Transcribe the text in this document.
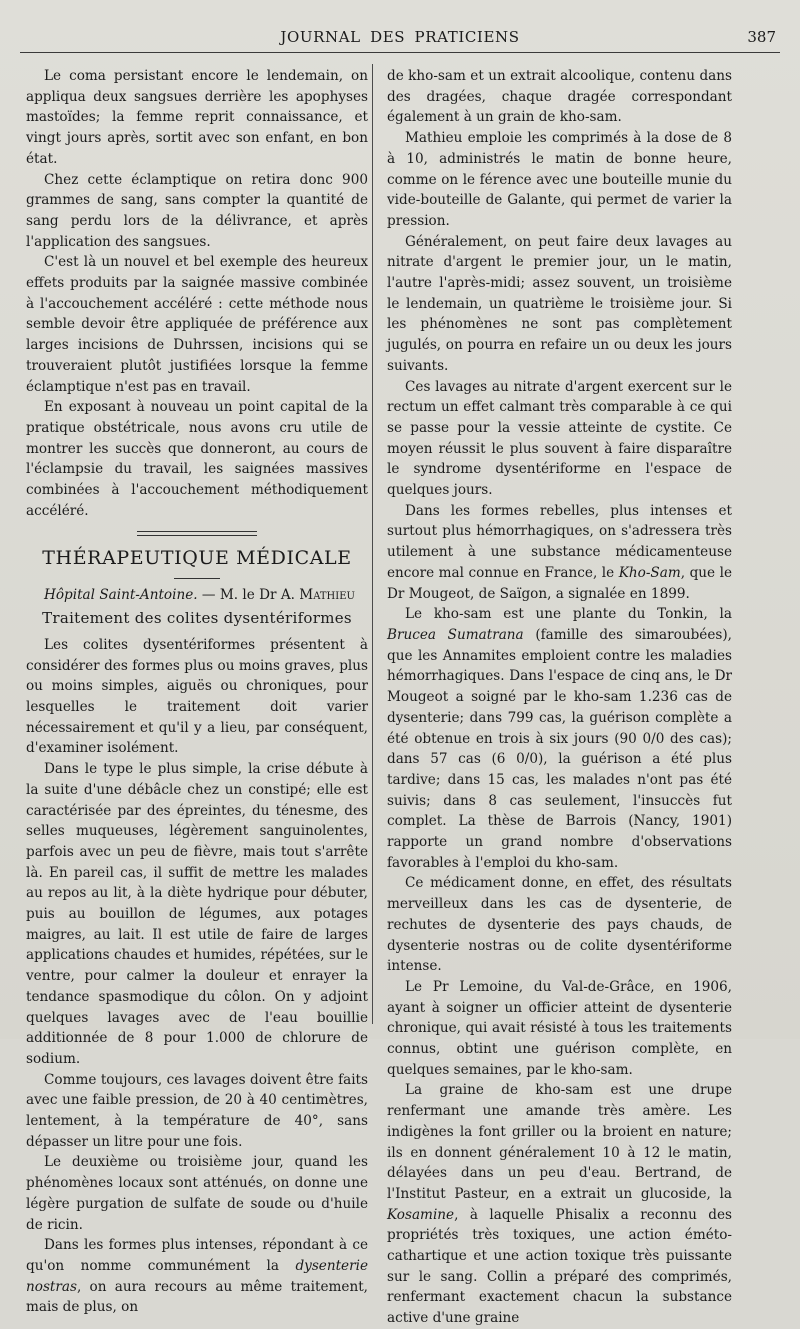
JOURNAL DES PRATICIENS	387

Le coma persistant encore le lendemain, on appliqua deux sangsues derrière les apophyses mastoïdes; la femme reprit connaissance, et vingt jours après, sortit avec son enfant, en bon état.

Chez cette éclamptique on retira donc 900 grammes de sang, sans compter la quantité de sang perdu lors de la délivrance, et après l'application des sangsues.

C'est là un nouvel et bel exemple des heureux effets produits par la saignée massive combinée à l'accouchement accéléré : cette méthode nous semble devoir être appliquée de préférence aux larges incisions de Duhrssen, incisions qui se trouveraient plutôt justifiées lorsque la femme éclamptique n'est pas en travail.

En exposant à nouveau un point capital de la pratique obstétricale, nous avons cru utile de montrer les succès que donneront, au cours de l'éclampsie du travail, les saignées massives combinées à l'accouchement méthodiquement accéléré.

THÉRAPEUTIQUE MÉDICALE

Hôpital Saint-Antoine. — M. le Dr A. Mathieu

Traitement des colites dysentériformes

Les colites dysentériformes présentent à considérer des formes plus ou moins graves, plus ou moins simples, aiguës ou chroniques, pour lesquelles le traitement doit varier nécessairement et qu'il y a lieu, par conséquent, d'examiner isolément.

Dans le type le plus simple, la crise débute à la suite d'une débâcle chez un constipé; elle est caractérisée par des épreintes, du ténesme, des selles muqueuses, légèrement sanguinolentes, parfois avec un peu de fièvre, mais tout s'arrête là. En pareil cas, il suffit de mettre les malades au repos au lit, à la diète hydrique pour débuter, puis au bouillon de légumes, aux potages maigres, au lait. Il est utile de faire de larges applications chaudes et humides, répétées, sur le ventre, pour calmer la douleur et enrayer la tendance spasmodique du côlon. On y adjoint quelques lavages avec de l'eau bouillie additionnée de 8 pour 1.000 de chlorure de sodium.

Comme toujours, ces lavages doivent être faits avec une faible pression, de 20 à 40 centimètres, lentement, à la température de 40°, sans dépasser un litre pour une fois.

Le deuxième ou troisième jour, quand les phénomènes locaux sont atténués, on donne une légère purgation de sulfate de soude ou d'huile de ricin.

Dans les formes plus intenses, répondant à ce qu'on nomme communément la dysenterie nostras, on aura recours au même traitement, mais de plus, on

de kho-sam et un extrait alcoolique, contenu dans des dragées, chaque dragée correspondant également à un grain de kho-sam.

Mathieu emploie les comprimés à la dose de 8 à 10, administrés le matin de bonne heure, comme on le férence avec une bouteille munie du vide-bouteille de Galante, qui permet de varier la pression.

Généralement, on peut faire deux lavages au nitrate d'argent le premier jour, un le matin, l'autre l'après-midi; assez souvent, un troisième le lendemain, un quatrième le troisième jour. Si les phénomènes ne sont pas complètement jugulés, on pourra en refaire un ou deux les jours suivants.

Ces lavages au nitrate d'argent exercent sur le rectum un effet calmant très comparable à ce qui se passe pour la vessie atteinte de cystite. Ce moyen réussit le plus souvent à faire disparaître le syndrome dysentériforme en l'espace de quelques jours.

Dans les formes rebelles, plus intenses et surtout plus hémorrhagiques, on s'adressera très utilement à une substance médicamenteuse encore mal connue en France, le Kho-Sam, que le Dr Mougeot, de Saïgon, a signalée en 1899.

Le kho-sam est une plante du Tonkin, la Brucea Sumatrana (famille des simaroubées), que les Annamites emploient contre les maladies hémorrhagiques. Dans l'espace de cinq ans, le Dr Mougeot a soigné par le kho-sam 1.236 cas de dysenterie; dans 799 cas, la guérison complète a été obtenue en trois à six jours (90 0/0 des cas); dans 57 cas (6 0/0), la guérison a été plus tardive; dans 15 cas, les malades n'ont pas été suivis; dans 8 cas seulement, l'insuccès fut complet. La thèse de Barrois (Nancy, 1901) rapporte un grand nombre d'observations favorables à l'emploi du kho-sam.

Ce médicament donne, en effet, des résultats merveilleux dans les cas de dysenterie, de rechutes de dysenterie des pays chauds, de dysenterie nostras ou de colite dysentériforme intense.

Le Pr Lemoine, du Val-de-Grâce, en 1906, ayant à soigner un officier atteint de dysenterie chronique, qui avait résisté à tous les traitements connus, obtint une guérison complète, en quelques semaines, par le kho-sam.

La graine de kho-sam est une drupe renfermant une amande très amère. Les indigènes la font griller ou la broient en nature; ils en donnent généralement 10 à 12 le matin, délayées dans un peu d'eau. Bertrand, de l'Institut Pasteur, en a extrait un glucoside, la Kosamine, à laquelle Phisalix a reconnu des propriétés très toxiques, une action éméto-cathartique et une action toxique très puissante sur le sang. Collin a préparé des comprimés, renfermant exactement chacun la substance active d'une graine
